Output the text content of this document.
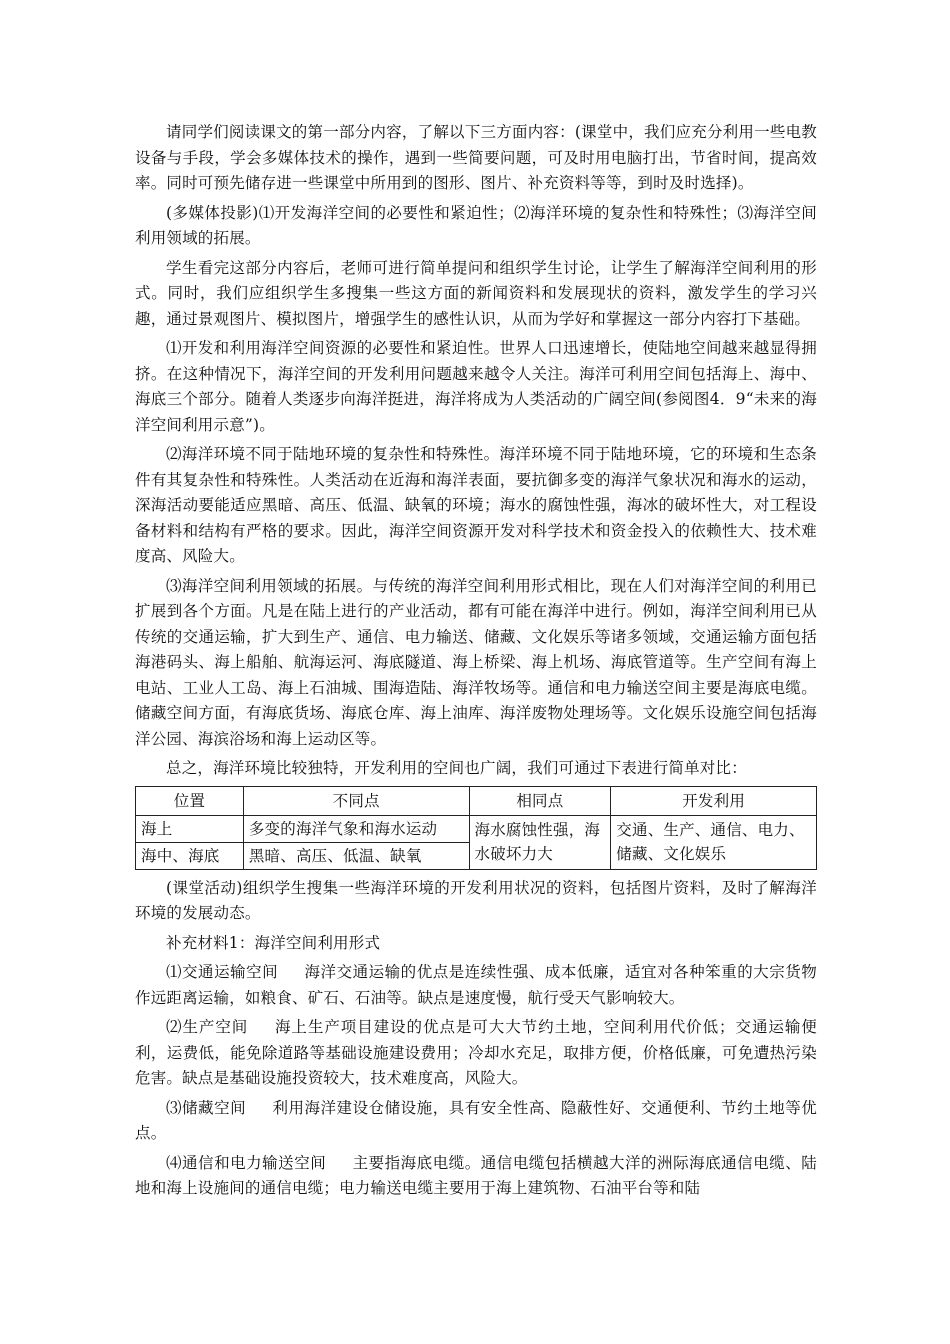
请同学们阅读课文的第一部分内容，了解以下三方面内容：(课堂中，我们应充分利用一些电教设备与手段，学会多媒体技术的操作，遇到一些简要问题，可及时用电脑打出，节省时间，提高效率。同时可预先储存进一些课堂中所用到的图形、图片、补充资料等等，到时及时选择)。

(多媒体投影)⑴开发海洋空间的必要性和紧迫性；⑵海洋环境的复杂性和特殊性；⑶海洋空间利用领域的拓展。

学生看完这部分内容后，老师可进行简单提问和组织学生讨论，让学生了解海洋空间利用的形式。同时，我们应组织学生多搜集一些这方面的新闻资料和发展现状的资料，激发学生的学习兴趣，通过景观图片、模拟图片，增强学生的感性认识，从而为学好和掌握这一部分内容打下基础。

⑴开发和利用海洋空间资源的必要性和紧迫性。世界人口迅速增长，使陆地空间越来越显得拥挤。在这种情况下，海洋空间的开发利用问题越来越令人关注。海洋可利用空间包括海上、海中、海底三个部分。随着人类逐步向海洋挺进，海洋将成为人类活动的广阔空间(参阅图4．9“未来的海洋空间利用示意”)。

⑵海洋环境不同于陆地环境的复杂性和特殊性。海洋环境不同于陆地环境，它的环境和生态条件有其复杂性和特殊性。人类活动在近海和海洋表面，要抗御多变的海洋气象状况和海水的运动，深海活动要能适应黑暗、高压、低温、缺氧的环境；海水的腐蚀性强，海冰的破坏性大，对工程设备材料和结构有严格的要求。因此，海洋空间资源开发对科学技术和资金投入的依赖性大、技术难度高、风险大。

⑶海洋空间利用领域的拓展。与传统的海洋空间利用形式相比，现在人们对海洋空间的利用已扩展到各个方面。凡是在陆上进行的产业活动，都有可能在海洋中进行。例如，海洋空间利用已从传统的交通运输，扩大到生产、通信、电力输送、储藏、文化娱乐等诸多领域，交通运输方面包括海港码头、海上船舶、航海运河、海底隧道、海上桥梁、海上机场、海底管道等。生产空间有海上电站、工业人工岛、海上石油城、围海造陆、海洋牧场等。通信和电力输送空间主要是海底电缆。储藏空间方面，有海底货场、海底仓库、海上油库、海洋废物处理场等。文化娱乐设施空间包括海洋公园、海滨浴场和海上运动区等。

总之，海洋环境比较独特，开发利用的空间也广阔，我们可通过下表进行简单对比：

位置	不同点	相同点	开发利用
海上	多变的海洋气象和海水运动	海水腐蚀性强，海水破坏力大	交通、生产、通信、电力、储藏、文化娱乐
海中、海底	黑暗、高压、低温、缺氧		

(课堂活动)组织学生搜集一些海洋环境的开发利用状况的资料，包括图片资料，及时了解海洋环境的发展动态。

补充材料1：海洋空间利用形式

⑴交通运输空间 海洋交通运输的优点是连续性强、成本低廉，适宜对各种笨重的大宗货物作远距离运输，如粮食、矿石、石油等。缺点是速度慢，航行受天气影响较大。

⑵生产空间 海上生产项目建设的优点是可大大节约土地，空间利用代价低；交通运输便利，运费低，能免除道路等基础设施建设费用；冷却水充足，取排方便，价格低廉，可免遭热污染危害。缺点是基础设施投资较大，技术难度高，风险大。

⑶储藏空间 利用海洋建设仓储设施，具有安全性高、隐蔽性好、交通便利、节约土地等优点。

⑷通信和电力输送空间 主要指海底电缆。通信电缆包括横越大洋的洲际海底通信电缆、陆地和海上设施间的通信电缆；电力输送电缆主要用于海上建筑物、石油平台等和陆
